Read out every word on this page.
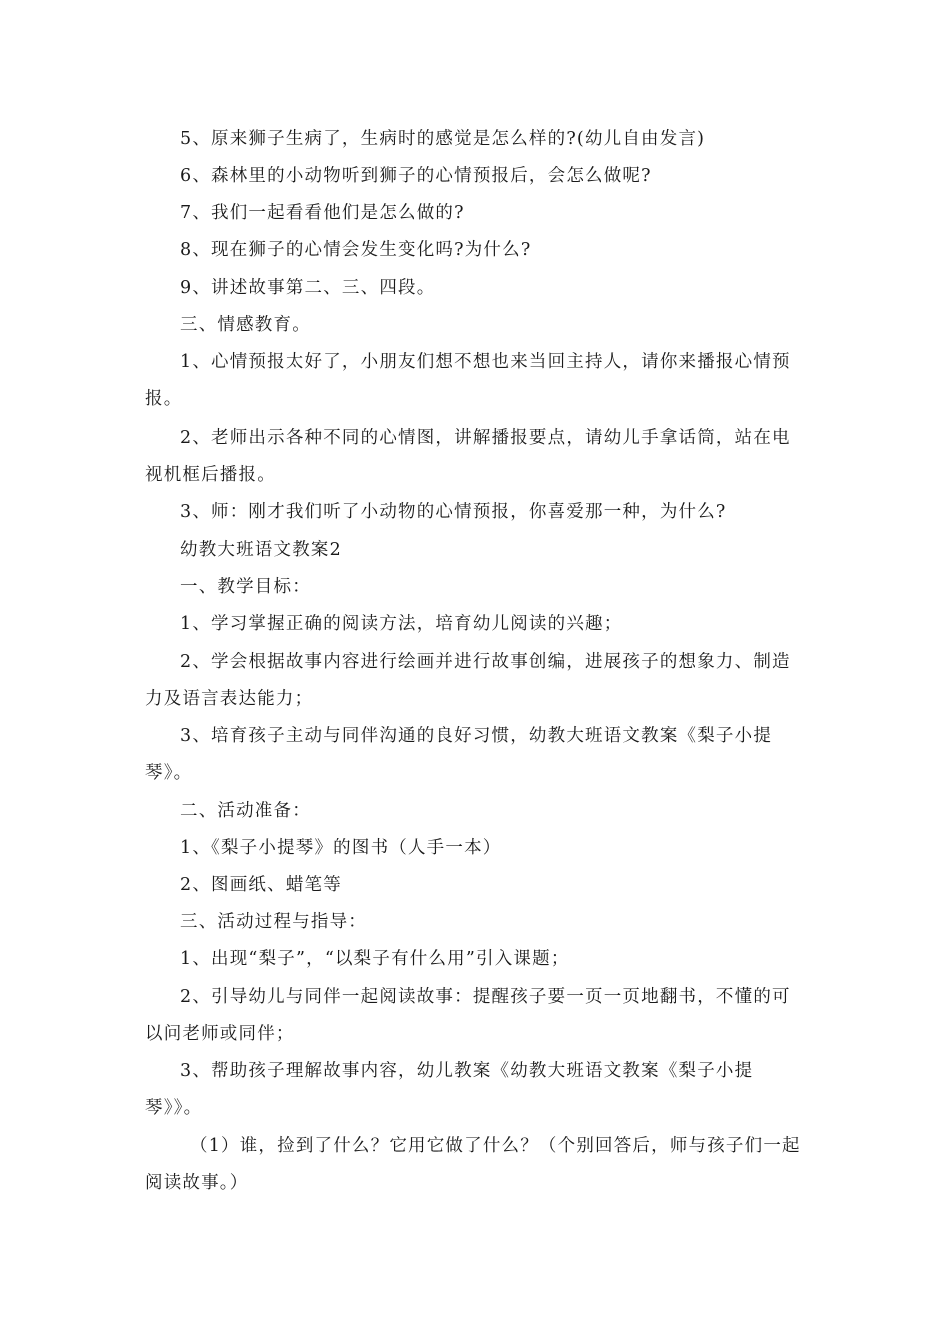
5、原来狮子生病了，生病时的感觉是怎么样的?(幼儿自由发言)
6、森林里的小动物听到狮子的心情预报后，会怎么做呢?
7、我们一起看看他们是怎么做的?
8、现在狮子的心情会发生变化吗?为什么?
9、讲述故事第二、三、四段。
三、情感教育。
1、心情预报太好了，小朋友们想不想也来当回主持人，请你来播报心情预
报。
2、老师出示各种不同的心情图，讲解播报要点，请幼儿手拿话筒，站在电
视机框后播报。
3、师：刚才我们听了小动物的心情预报，你喜爱那一种，为什么?
幼教大班语文教案2
一、教学目标：
1、学习掌握正确的阅读方法，培育幼儿阅读的兴趣；
2、学会根据故事内容进行绘画并进行故事创编，进展孩子的想象力、制造
力及语言表达能力；
3、培育孩子主动与同伴沟通的良好习惯，幼教大班语文教案《梨子小提
琴》。
二、活动准备：
1、《梨子小提琴》的图书（人手一本）
2、图画纸、蜡笔等
三、活动过程与指导：
1、出现“梨子”，“以梨子有什么用”引入课题；
2、引导幼儿与同伴一起阅读故事：提醒孩子要一页一页地翻书，不懂的可
以问老师或同伴；
3、帮助孩子理解故事内容，幼儿教案《幼教大班语文教案《梨子小提
琴》》。
（1）谁，捡到了什么？它用它做了什么？（个别回答后，师与孩子们一起
阅读故事。）
